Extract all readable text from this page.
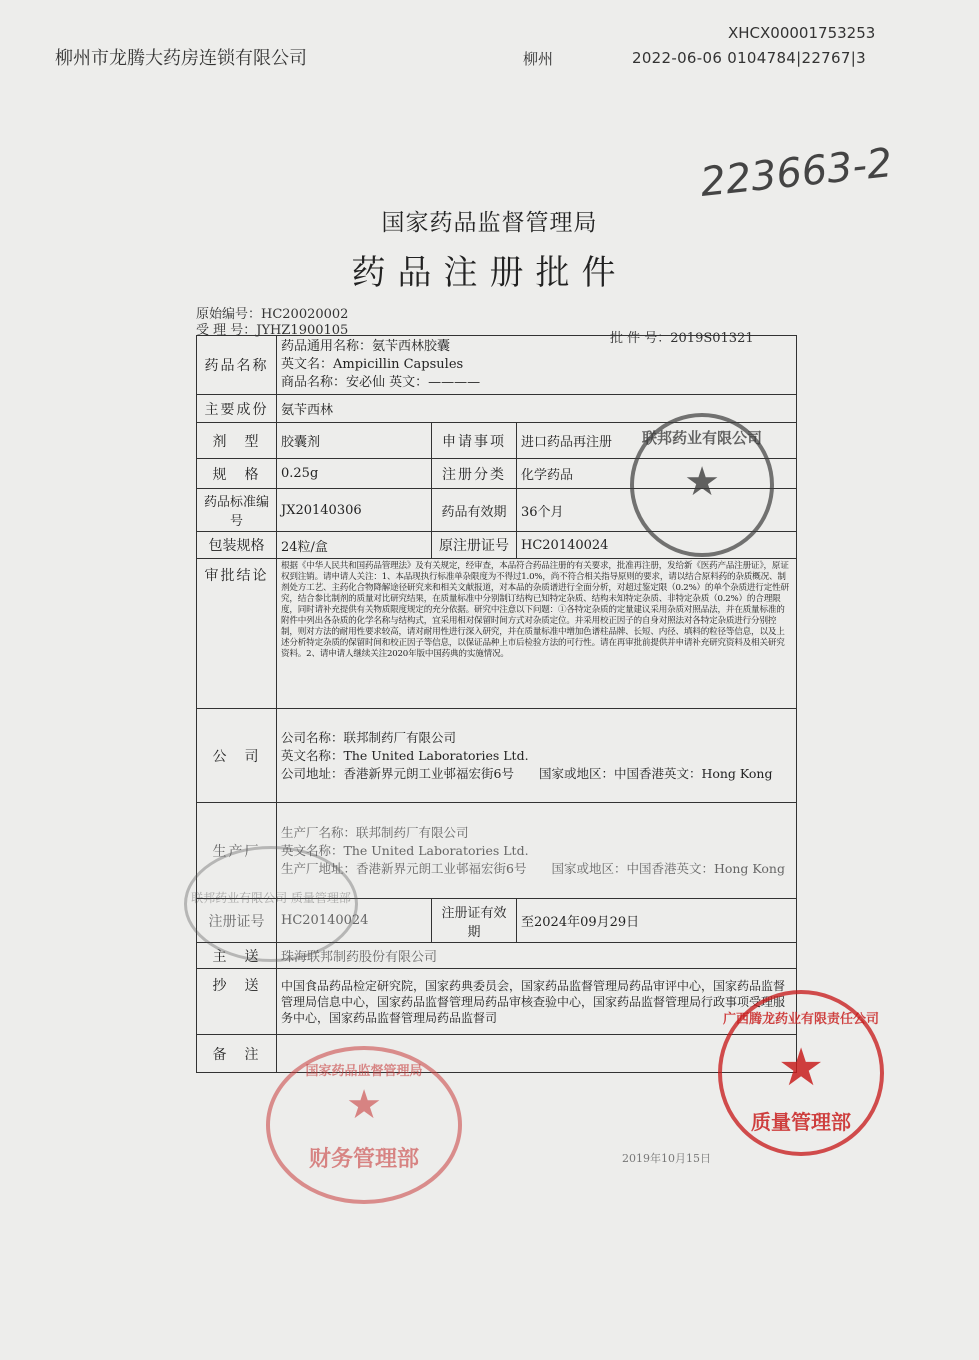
柳州市龙腾大药房连锁有限公司	柳州
XHCX00001753253
2022-06-06 0104784|22767|3
223663-2
国家药品监督管理局
药品注册批件
原始编号：HC20020002
受 理 号：JYHZ1900105
批 件 号：2019S01321
药品名称	药品通用名称：氨苄西林胶囊
英文名：Ampicillin Capsules
商品名称：安必仙 英文：————		

主要成份	氨苄西林		
剂　型	胶囊剂	申请事项	进口药品再注册
规　格	0.25g	注册分类	化学药品
药品标准编号	JX20140306	药品有效期	36个月
包装规格	24粒/盒	原注册证号	HC20140024
审批结论	根据《中华人民共和国药品管理法》及有关规定，经审查，本品符合药品注册的有关要求，批准再注册，发给新《医药产品注册证》，原证权到注销。请申请人关注：1、本品现执行标准单杂限度为不得过1.0%，尚不符合相关指导原则的要求，请以结合原料药的杂质概况、制剂处方工艺、主药化合物降解途径研究来和相关文献报道，对本品的杂质谱进行全面分析，对超过鉴定限（0.2%）的单个杂质进行定性研究，结合参比制剂的质量对比研究结果，在质量标准中分别制订结构已知特定杂质、结构未知特定杂质、非特定杂质（0.2%）的合理限度，同时请补充提供有关物质限度规定的充分依据。研究中注意以下问题：①各特定杂质的定量建议采用杂质对照品法，并在质量标准的附件中列出各杂质的化学名称与结构式，宜采用相对保留时间方式对杂质定位。并采用校正因子的自身对照法对各特定杂质进行分别控制，则对方法的耐用性要求较高，请对耐用性进行深入研究，并在质量标准中增加色谱柱品牌、长短、内径、填料的粒径等信息，以及上述分析特定杂质的保留时间和校正因子等信息，以保证品种上市后检验方法的可行性。请在再审批前提供并申请补充研究资料及相关研究资料。2、请申请人继续关注2020年版中国药典的实施情况。		
公　司	公司名称：联邦制药厂有限公司
英文名称：The United Laboratories Ltd.
公司地址：香港新界元朗工业邨福宏街6号　　国家或地区：中国香港英文：Hong Kong		

生产厂	生产厂名称：联邦制药厂有限公司
英文名称：The United Laboratories Ltd.
生产厂地址：香港新界元朗工业邨福宏街6号　　国家或地区：中国香港英文：Hong Kong		

注册证号	HC20140024	注册证有效期	至2024年09月29日
主　送	珠海联邦制药股份有限公司		
抄　送	中国食品药品检定研究院，国家药典委员会，国家药品监督管理局药品审评中心，国家药品监督管理局信息中心，国家药品监督管理局药品审核查验中心，国家药品监督管理局行政事项受理服务中心，国家药品监督管理局药品监督司		
备　注			
联邦药业有限公司
★
联邦药业有限公司 质量管理部
国家药品监督管理局
★
财务管理部
广西腾龙药业有限责任公司
★
质量管理部
2019年10月15日
